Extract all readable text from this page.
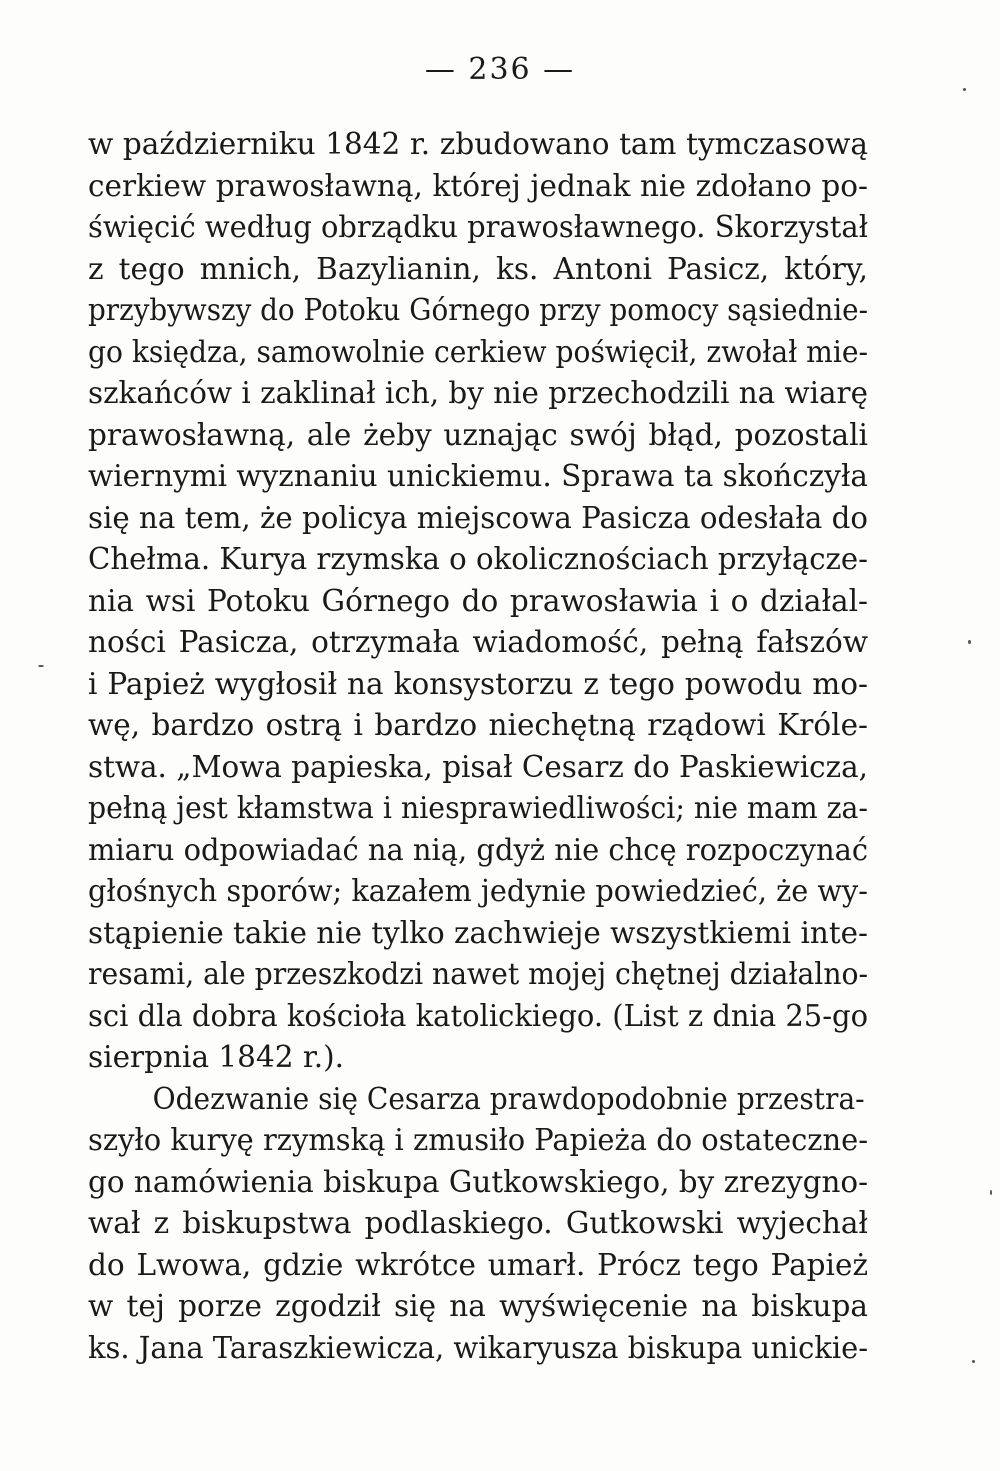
— 236 —
w październiku 1842 r. zbudowano tam tymczasową
cerkiew prawosławną, której jednak nie zdołano po-
święcić według obrządku prawosławnego. Skorzystał
z tego mnich, Bazylianin, ks. Antoni Pasicz, który,
przybywszy do Potoku Górnego przy pomocy sąsiednie-
go księdza, samowolnie cerkiew poświęcił, zwołał mie-
szkańców i zaklinał ich, by nie przechodzili na wiarę
prawosławną, ale żeby uznając swój błąd, pozostali
wiernymi wyznaniu unickiemu. Sprawa ta skończyła
się na tem, że policya miejscowa Pasicza odesłała do
Chełma. Kurya rzymska o okolicznościach przyłącze-
nia wsi Potoku Górnego do prawosławia i o działal-
ności Pasicza, otrzymała wiadomość, pełną fałszów
i Papież wygłosił na konsystorzu z tego powodu mo-
wę, bardzo ostrą i bardzo niechętną rządowi Króle-
stwa. „Mowa papieska, pisał Cesarz do Paskiewicza,
pełną jest kłamstwa i niesprawiedliwości; nie mam za-
miaru odpowiadać na nią, gdyż nie chcę rozpoczynać
głośnych sporów; kazałem jedynie powiedzieć, że wy-
stąpienie takie nie tylko zachwieje wszystkiemi inte-
resami, ale przeszkodzi nawet mojej chętnej działalno-
sci dla dobra kościoła katolickiego. (List z dnia 25-go
sierpnia 1842 r.).
Odezwanie się Cesarza prawdopodobnie przestra-
szyło kuryę rzymską i zmusiło Papieża do ostateczne-
go namówienia biskupa Gutkowskiego, by zrezygno-
wał z biskupstwa podlaskiego. Gutkowski wyjechał
do Lwowa, gdzie wkrótce umarł. Prócz tego Papież
w tej porze zgodził się na wyświęcenie na biskupa
ks. Jana Taraszkiewicza, wikaryusza biskupa unickie-
